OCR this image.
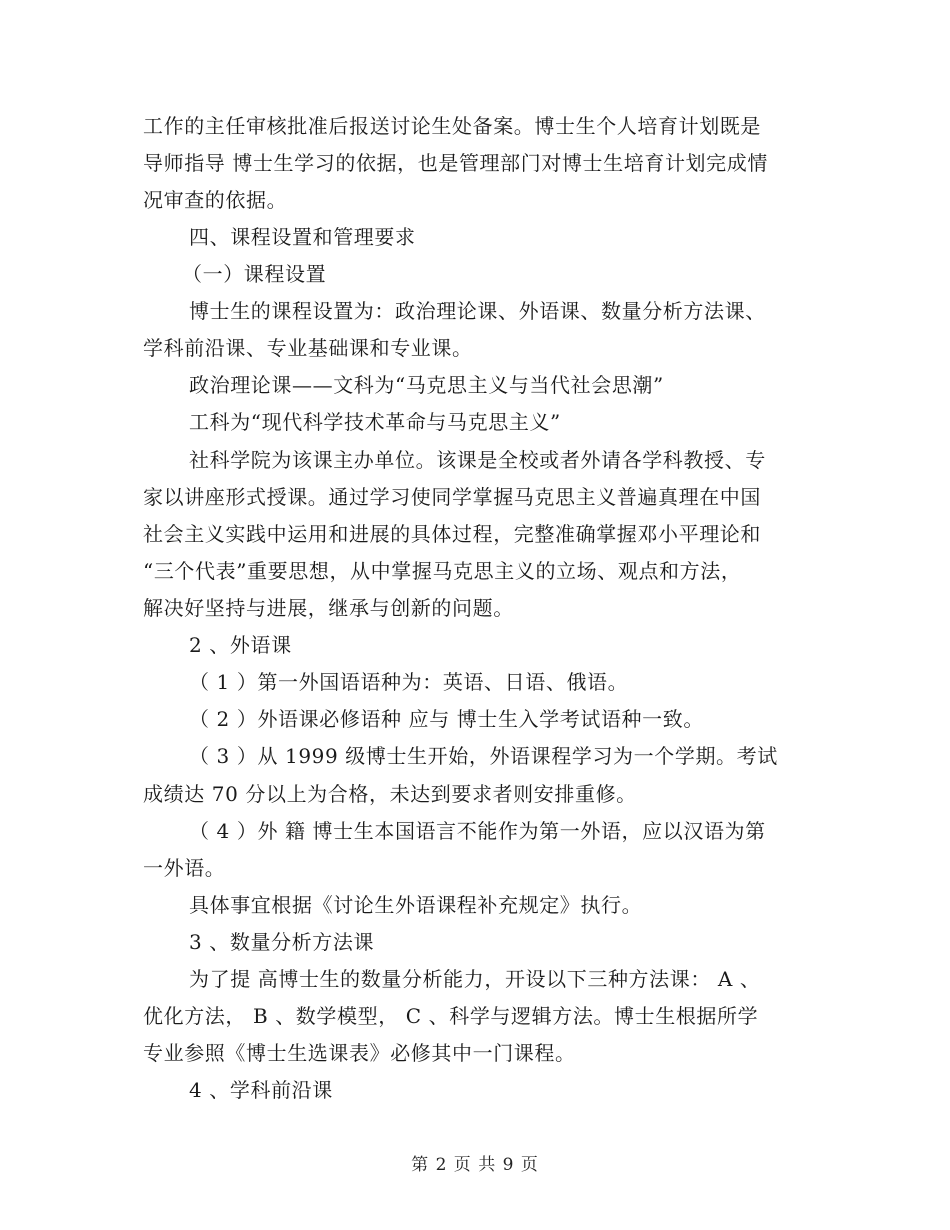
工作的主任审核批准后报送讨论生处备案。博士生个人培育计划既是

导师指导 博士生学习的依据，也是管理部门对博士生培育计划完成情

况审查的依据。

四、课程设置和管理要求

（一）课程设置

博士生的课程设置为：政治理论课、外语课、数量分析方法课、

学科前沿课、专业基础课和专业课。

政治理论课——文科为“马克思主义与当代社会思潮”

工科为“现代科学技术革命与马克思主义”

社科学院为该课主办单位。该课是全校或者外请各学科教授、专

家以讲座形式授课。通过学习使同学掌握马克思主义普遍真理在中国

社会主义实践中运用和进展的具体过程，完整准确掌握邓小平理论和

“三个代表”重要思想，从中掌握马克思主义的立场、观点和方法，

解决好坚持与进展，继承与创新的问题。

2 、外语课

（ 1 ）第一外国语语种为：英语、日语、俄语。

（ 2 ）外语课必修语种 应与 博士生入学考试语种一致。

（ 3 ）从 1999 级博士生开始，外语课程学习为一个学期。考试

成绩达 70 分以上为合格，未达到要求者则安排重修。

（ 4 ）外 籍 博士生本国语言不能作为第一外语，应以汉语为第

一外语。

具体事宜根据《讨论生外语课程补充规定》执行。

3 、数量分析方法课

为了提 高博士生的数量分析能力，开设以下三种方法课： A 、

优化方法， B 、数学模型， C 、科学与逻辑方法。博士生根据所学

专业参照《博士生选课表》必修其中一门课程。

4 、学科前沿课

第 2 页 共 9 页
